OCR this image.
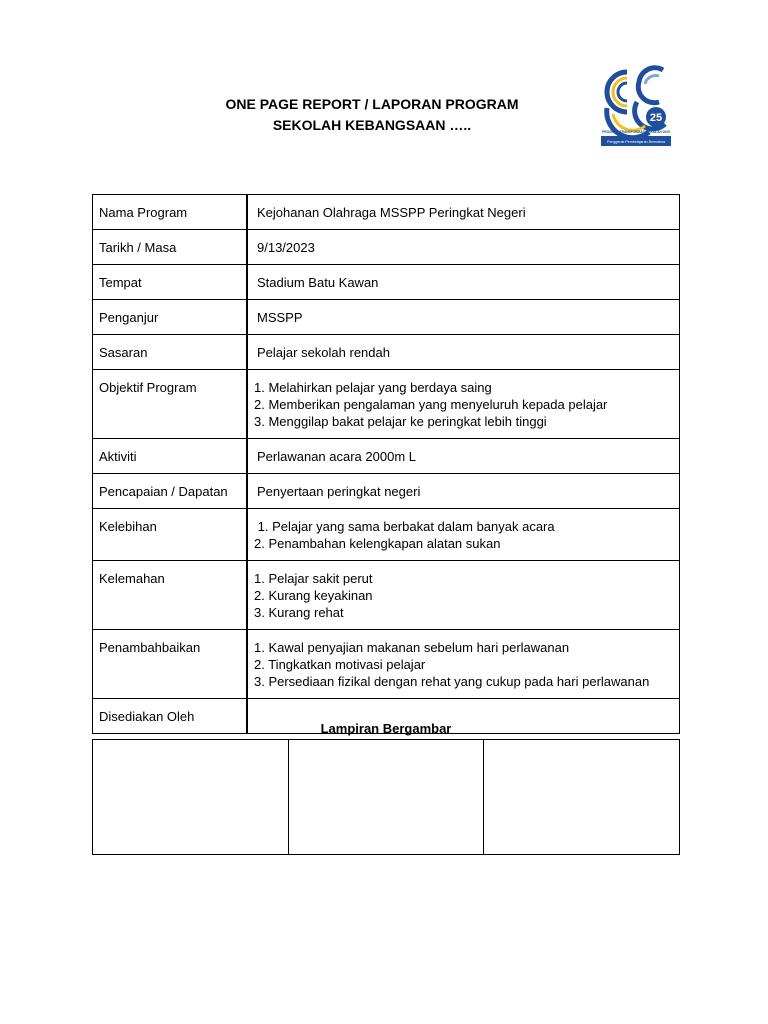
ONE PAGE REPORT / LAPORAN PROGRAM
SEKOLAH KEBANGSAAN …..	25
PROGRAM TRANSFORMASI SEKOLAH 2025
Penggerak Pembelajaran Bermakna
Nama Program	Kejohanan Olahraga MSSPP Peringkat Negeri
Tarikh / Masa	9/13/2023
Tempat	Stadium Batu Kawan
Penganjur	MSSPP
Sasaran	Pelajar sekolah rendah
Objektif Program	1. Melahirkan pelajar yang berdaya saing
2. Memberikan pengalaman yang menyeluruh kepada pelajar
3. Menggilap bakat pelajar ke peringkat lebih tinggi

Aktiviti	Perlawanan acara 2000m L
Pencapaian / Dapatan	Penyertaan peringkat negeri
Kelebihan	1. Pelajar yang sama berbakat dalam banyak acara
2. Penambahan kelengkapan alatan sukan

Kelemahan	1. Pelajar sakit perut
2. Kurang keyakinan
3. Kurang rehat

Penambahbaikan	1. Kawal penyajian makanan sebelum hari perlawanan
2. Tingkatkan motivasi pelajar
3. Persediaan fizikal dengan rehat yang cukup pada hari perlawanan

Disediakan Oleh	
Lampiran Bergambar
